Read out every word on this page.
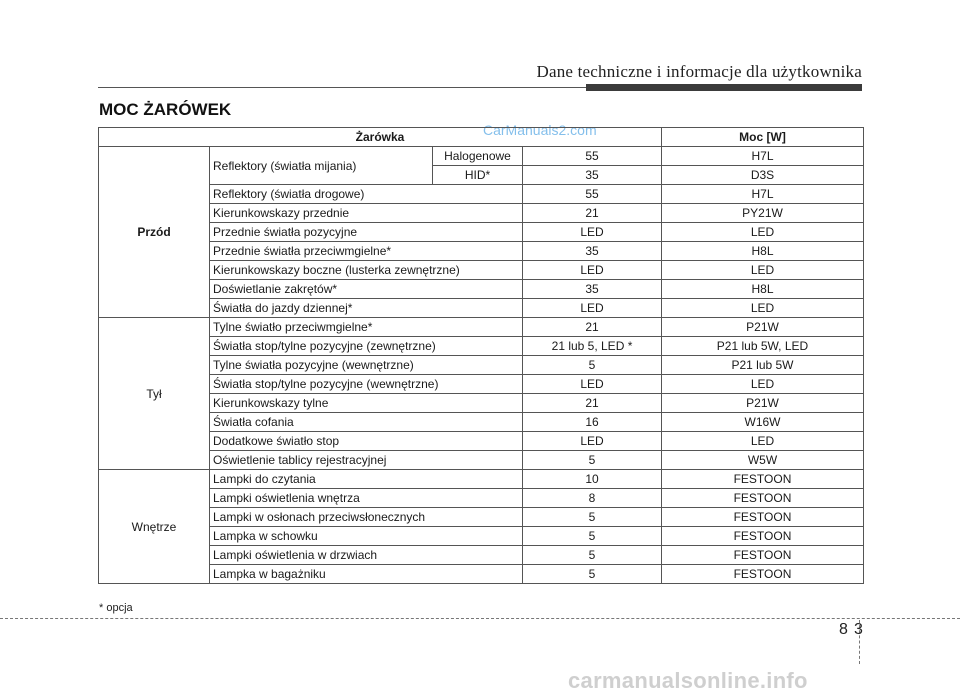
Dane techniczne i informacje dla użytkownika
MOC ŻARÓWEK
CarManuals2.com
Żarówka				Moc [W]	
Przód	Reflektory (światła mijania)	Halogenowe	55	H7L	
		HID*	35	D3S	
	Reflektory (światła drogowe)		55	H7L	
	Kierunkowskazy przednie		21	PY21W	
	Przednie światła pozycyjne		LED	LED	
	Przednie światła przeciwmgielne*		35	H8L	
	Kierunkowskazy boczne (lusterka zewnętrzne)		LED	LED	
	Doświetlanie zakrętów*		35	H8L	
	Światła do jazdy dziennej*		LED	LED	
Tył	Tylne światło przeciwmgielne*		21	P21W	
	Światła stop/tylne pozycyjne (zewnętrzne)		21 lub 5, LED *	P21 lub 5W, LED	
	Tylne światła pozycyjne (wewnętrzne)		5	P21 lub 5W	
	Światła stop/tylne pozycyjne (wewnętrzne)		LED	LED	
	Kierunkowskazy tylne		21	P21W	
	Światła cofania		16	W16W	
	Dodatkowe światło stop		LED	LED	
	Oświetlenie tablicy rejestracyjnej		5	W5W	
Wnętrze	Lampki do czytania		10	FESTOON	
	Lampki oświetlenia wnętrza		8	FESTOON	
	Lampki w osłonach przeciwsłonecznych		5	FESTOON	
	Lampka w schowku		5	FESTOON	
	Lampki oświetlenia w drzwiach		5	FESTOON	
	Lampka w bagażniku		5	FESTOON	
* opcja
8 3
carmanualsonline.info
